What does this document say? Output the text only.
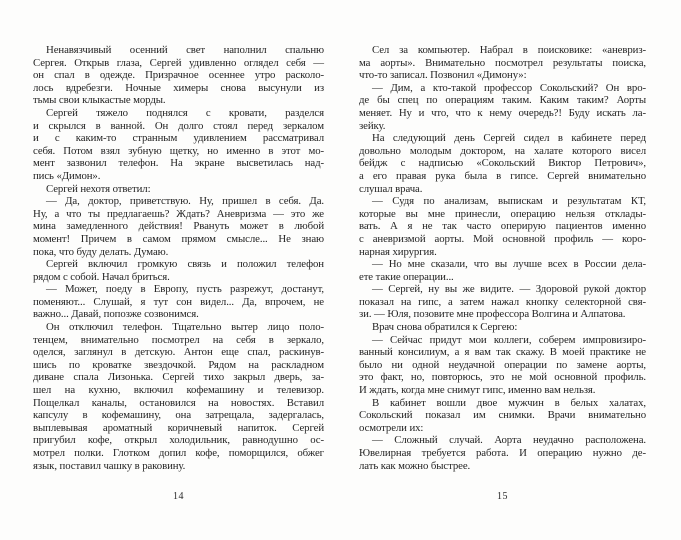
Ненавязчивый осенний свет наполнил спальню
Сергея. Открыв глаза, Сергей удивленно оглядел себя —
он спал в одежде. Призрачное осеннее утро расколо-
лось вдребезги. Ночные химеры снова высунули из
тьмы свои клыкастые морды.
Сергей тяжело поднялся с кровати, разделся
и скрылся в ванной. Он долго стоял перед зеркалом
и с каким-то странным удивлением рассматривал
себя. Потом взял зубную щетку, но именно в этот мо-
мент зазвонил телефон. На экране высветилась над-
пись «Димон».
Сергей нехотя ответил:
— Да, доктор, приветствую. Ну, пришел в себя. Да.
Ну, а что ты предлагаешь? Ждать? Аневризма — это же
мина замедленного действия! Рвануть может в любой
момент! Причем в самом прямом смысле... Не знаю
пока, что буду делать. Думаю.
Сергей включил громкую связь и положил телефон
рядом с собой. Начал бриться.
— Может, поеду в Европу, пусть разрежут, достанут,
поменяют... Слушай, я тут сон видел... Да, впрочем, не
важно... Давай, попозже созвонимся.
Он отключил телефон. Тщательно вытер лицо поло-
тенцем, внимательно посмотрел на себя в зеркало,
оделся, заглянул в детскую. Антон еще спал, раскинув-
шись по кроватке звездочкой. Рядом на раскладном
диване спала Лизонька. Сергей тихо закрыл дверь, за-
шел на кухню, включил кофемашину и телевизор.
Пощелкал каналы, остановился на новостях. Вставил
капсулу в кофемашину, она затрещала, задергалась,
выплевывая ароматный коричневый напиток. Сергей
пригубил кофе, открыл холодильник, равнодушно ос-
мотрел полки. Глотком допил кофе, поморщился, обжег
язык, поставил чашку в раковину.
Сел за компьютер. Набрал в поисковике: «аневриз-
ма аорты». Внимательно посмотрел результаты поиска,
что-то записал. Позвонил «Димону»:
— Дим, а кто-такой профессор Сокольский? Он вро-
де бы спец по операциям таким. Каким таким? Аорты
меняет. Ну и что, что к нему очередь?! Буду искать ла-
зейку.
На следующий день Сергей сидел в кабинете перед
довольно молодым доктором, на халате которого висел
бейдж с надписью «Сокольский Виктор Петрович»,
а его правая рука была в гипсе. Сергей внимательно
слушал врача.
— Судя по анализам, выпискам и результатам КТ,
которые вы мне принесли, операцию нельзя отклады-
вать. А я не так часто оперирую пациентов именно
с аневризмой аорты. Мой основной профиль — коро-
нарная хирургия.
— Но мне сказали, что вы лучше всех в России дела-
ете такие операции...
— Сергей, ну вы же видите. — Здоровой рукой доктор
показал на гипс, а затем нажал кнопку селекторной свя-
зи. — Юля, позовите мне профессора Волгина и Алпатова.
Врач снова обратился к Сергею:
— Сейчас придут мои коллеги, соберем импровизиро-
ванный консилиум, а я вам так скажу. В моей практике не
было ни одной неудачной операции по замене аорты,
это факт, но, повторюсь, это не мой основной профиль.
И ждать, когда мне снимут гипс, именно вам нельзя.
В кабинет вошли двое мужчин в белых халатах,
Сокольский показал им снимки. Врачи внимательно
осмотрели их:
— Сложный случай. Аорта неудачно расположена.
Ювелирная требуется работа. И операцию нужно де-
лать как можно быстрее.
14	15
